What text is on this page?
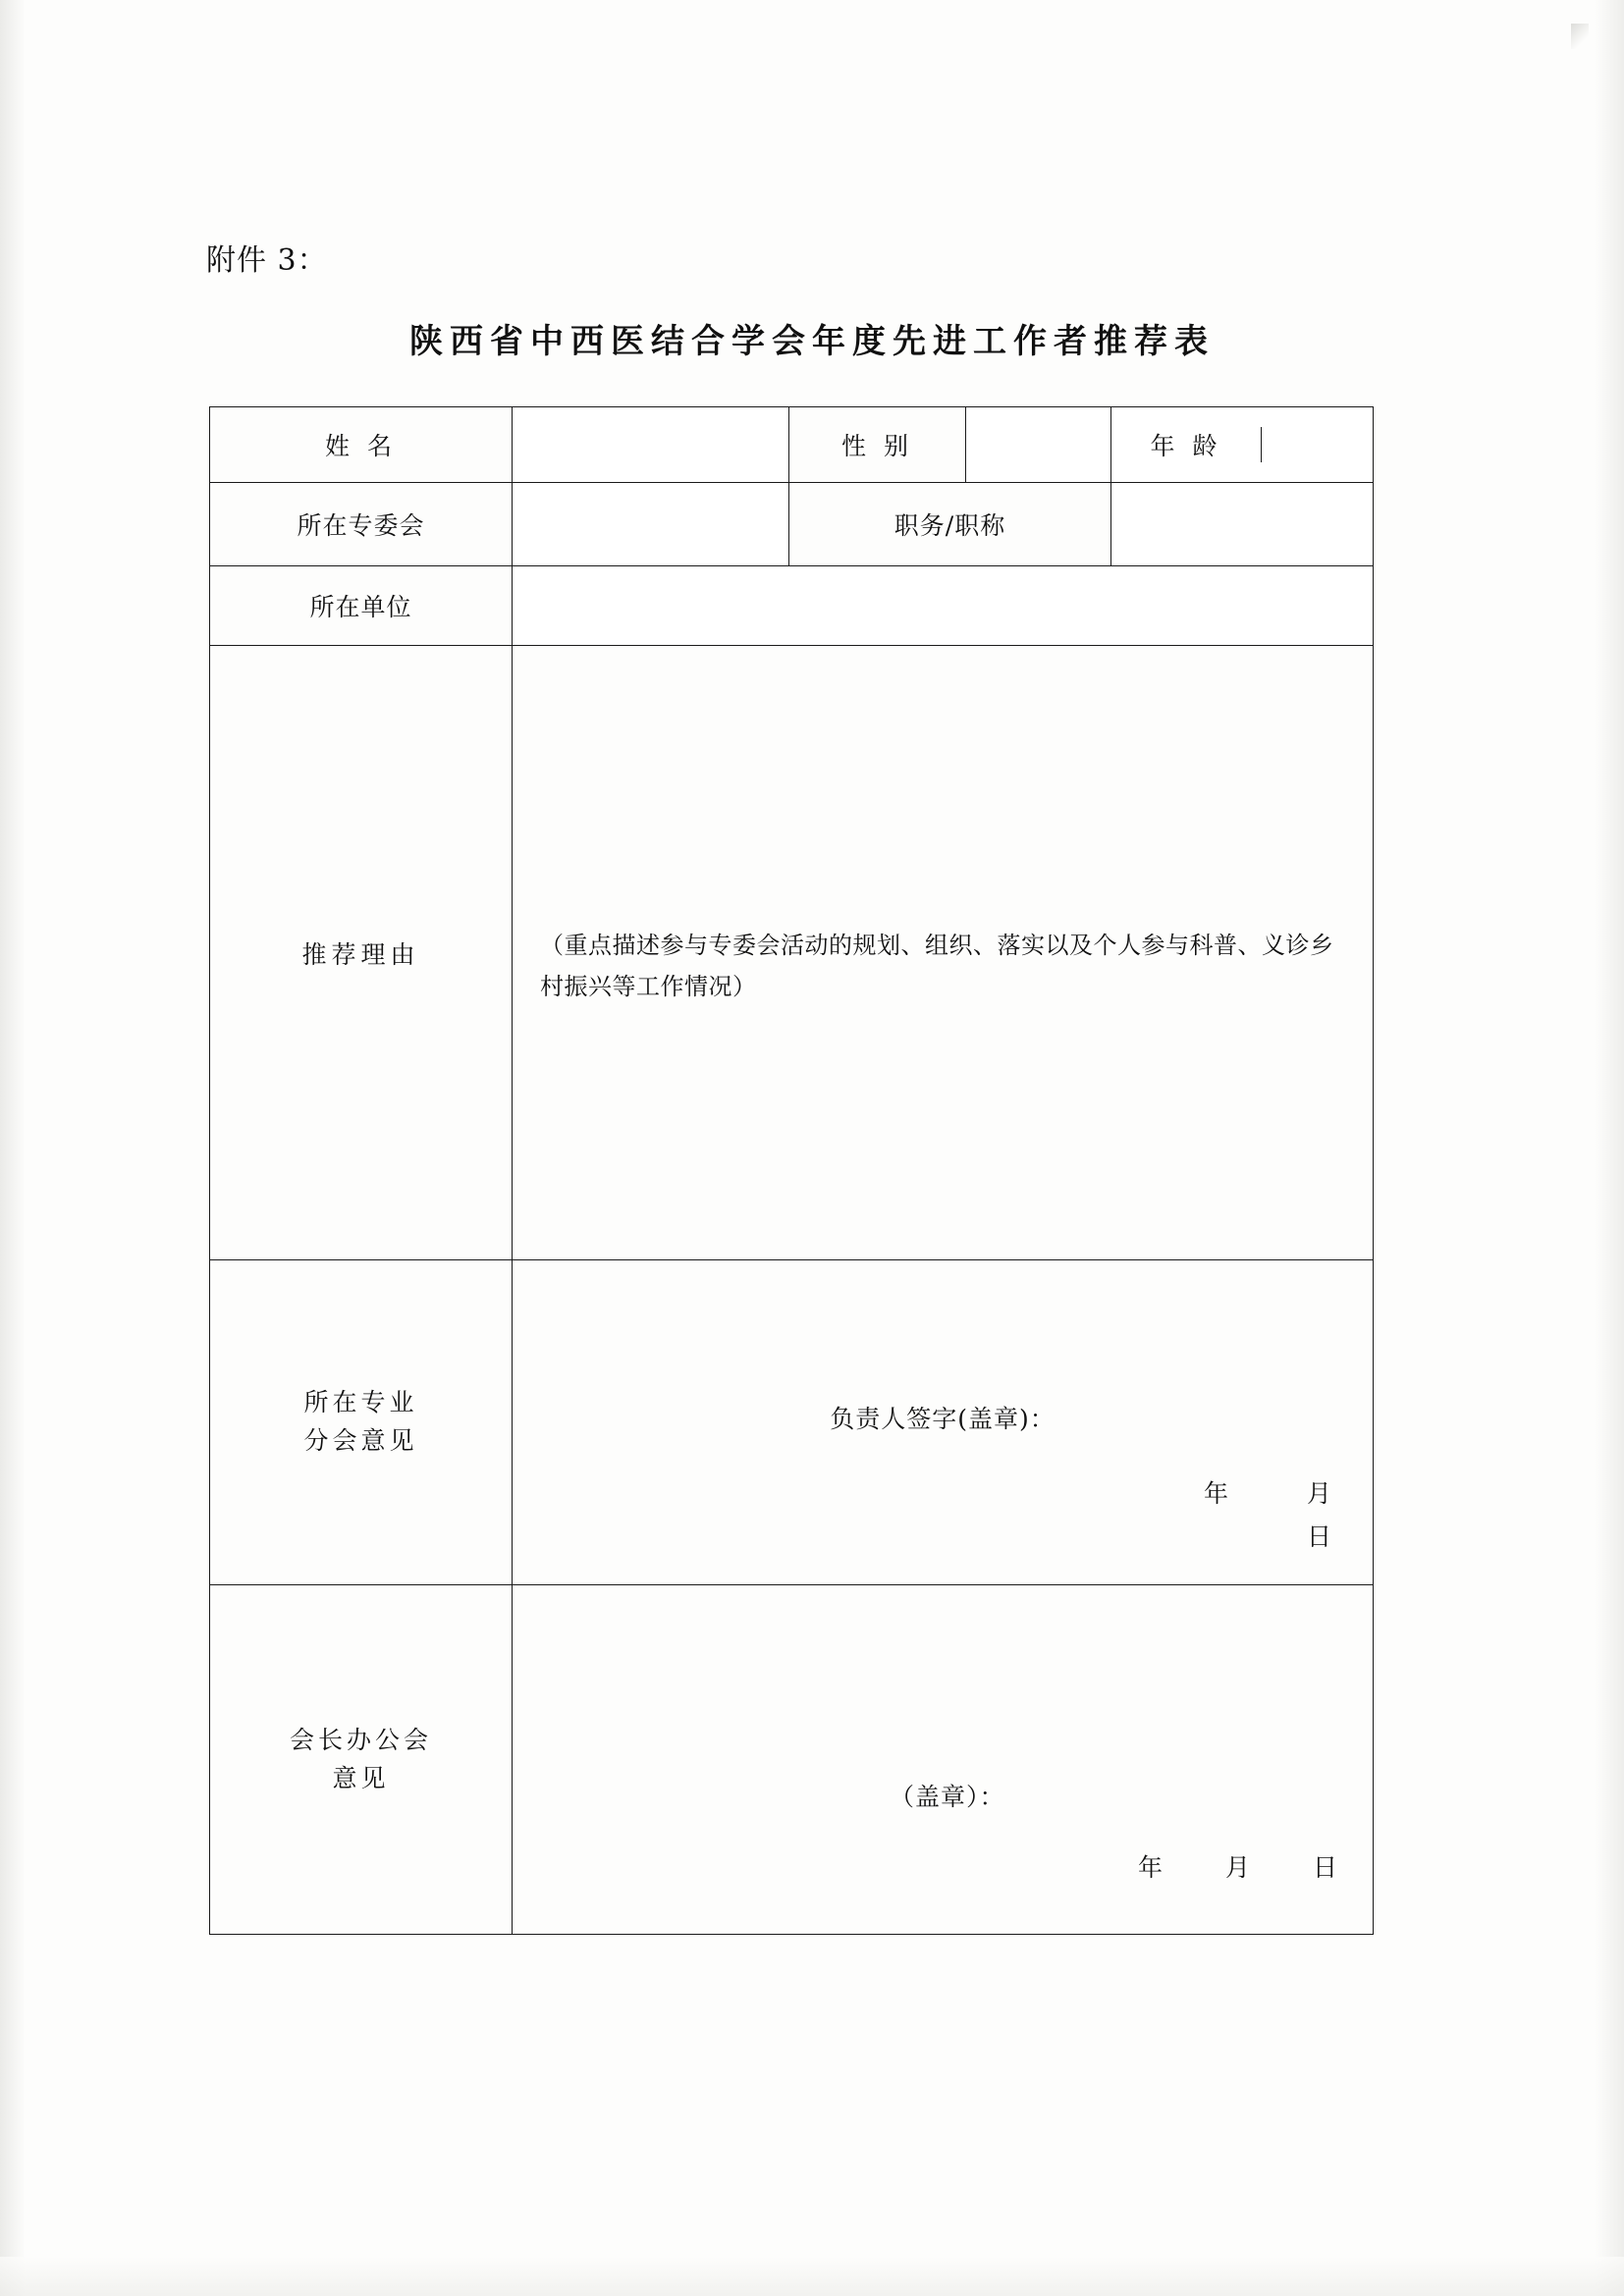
附件 3：
陕西省中西医结合学会年度先进工作者推荐表
姓 名		性 别		年 龄

所在专委会		职务/职称		
所在单位				
推荐理由	（重点描述参与专委会活动的规划、组织、落实以及个人参与科普、义诊乡村振兴等工作情况）			

所在专业
分会意见

负责人签字(盖章)：
年	月
日

会长办公会
意见

（盖章）：
年	月	日
